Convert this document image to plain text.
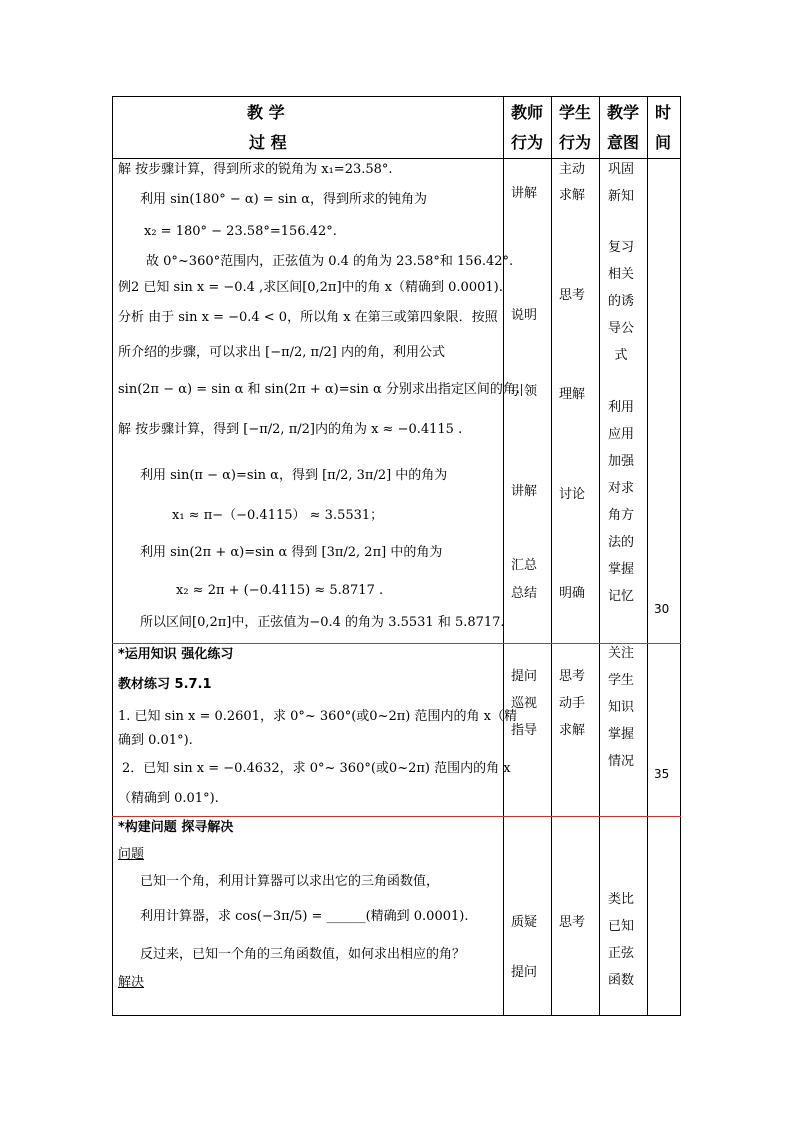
教 学
过 程
教师
行为
学生
行为
教学
意图
时
间
解 按步骤计算，得到所求的锐角为 x₁=23.58°.
利用 sin(180° − α) = sin α，得到所求的钝角为
x₂ = 180° − 23.58°=156.42°.
故 0°~360°范围内，正弦值为 0.4 的角为 23.58°和 156.42°.
例2 已知 sin x = −0.4 ,求区间[0,2π]中的角 x（精确到 0.0001).
分析 由于 sin x = −0.4 < 0，所以角 x 在第三或第四象限．按照
所介绍的步骤，可以求出 [−π/2, π/2] 内的角，利用公式
sin(2π − α) = sin α 和 sin(2π + α)=sin α 分别求出指定区间的角.
解 按步骤计算，得到 [−π/2, π/2]内的角为 x ≈ −0.4115 .
利用 sin(π − α)=sin α，得到 [π/2, 3π/2] 中的角为
x₁ ≈ π−（−0.4115） ≈ 3.5531；
利用 sin(2π + α)=sin α 得到 [3π/2, 2π] 中的角为
x₂ ≈ 2π + (−0.4115) ≈ 5.8717 .
所以区间[0,2π]中，正弦值为−0.4 的角为 3.5531 和 5.8717.
讲解
说明
引领
讲解
汇总
总结
主动
求解
思考
理解
讨论
明确
巩固
新知
复习
相关
的诱
导公
式
利用
应用
加强
对求
角方
法的
掌握
记忆
30
*运用知识 强化练习
教材练习 5.7.1
1. 已知 sin x = 0.2601，求 0°~ 360°(或0~2π) 范围内的角 x（精
确到 0.01°).
2．已知 sin x = −0.4632，求 0°~ 360°(或0~2π) 范围内的角 x
（精确到 0.01°).
提问
巡视
指导
思考
动手
求解
关注
学生
知识
掌握
情况
35
*构建问题 探寻解决
问题
已知一个角，利用计算器可以求出它的三角函数值，
利用计算器，求 cos(−3π/5) = ______(精确到 0.0001).
反过来，已知一个角的三角函数值，如何求出相应的角？
解决
质疑
提问
思考
类比
已知
正弦
函数
